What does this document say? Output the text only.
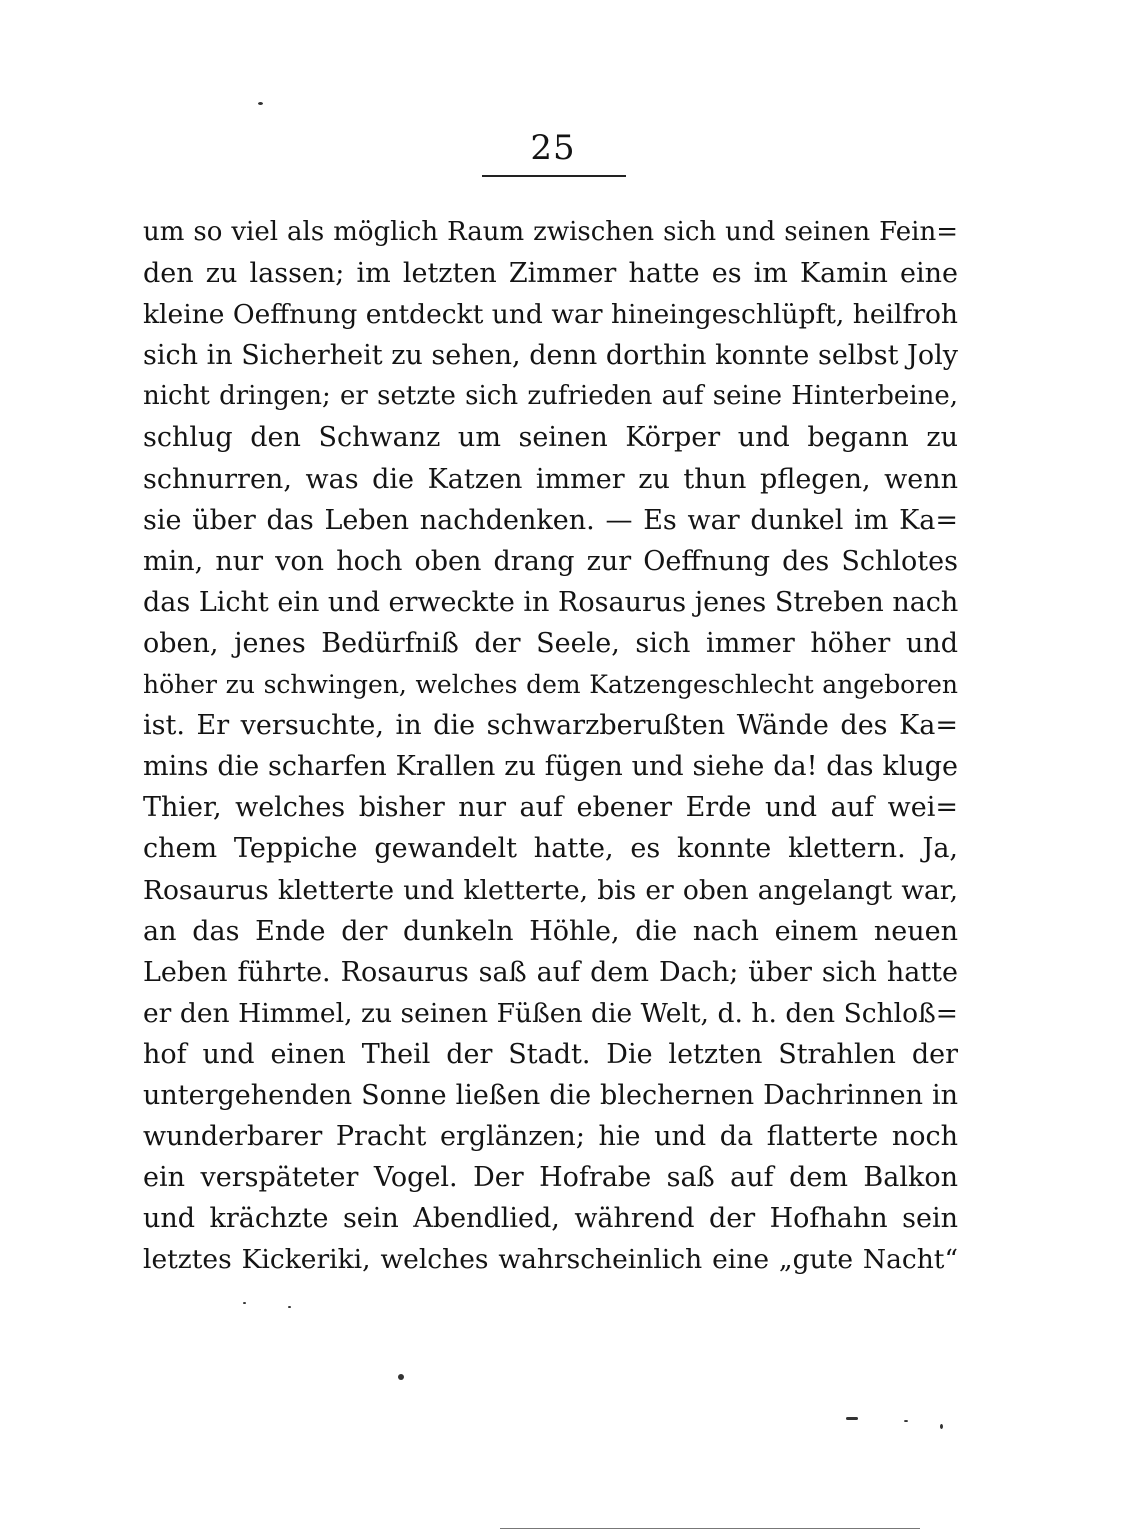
25
um so viel als möglich Raum zwischen sich und seinen Fein=
den zu lassen; im letzten Zimmer hatte es im Kamin eine
kleine Oeffnung entdeckt und war hineingeschlüpft, heilfroh
sich in Sicherheit zu sehen, denn dorthin konnte selbst Joly
nicht dringen; er setzte sich zufrieden auf seine Hinterbeine,
schlug den Schwanz um seinen Körper und begann zu
schnurren, was die Katzen immer zu thun pflegen, wenn
sie über das Leben nachdenken. — Es war dunkel im Ka=
min, nur von hoch oben drang zur Oeffnung des Schlotes
das Licht ein und erweckte in Rosaurus jenes Streben nach
oben, jenes Bedürfniß der Seele, sich immer höher und
höher zu schwingen, welches dem Katzengeschlecht angeboren
ist. Er versuchte, in die schwarzberußten Wände des Ka=
mins die scharfen Krallen zu fügen und siehe da! das kluge
Thier, welches bisher nur auf ebener Erde und auf wei=
chem Teppiche gewandelt hatte, es konnte klettern. Ja,
Rosaurus kletterte und kletterte, bis er oben angelangt war,
an das Ende der dunkeln Höhle, die nach einem neuen
Leben führte. Rosaurus saß auf dem Dach; über sich hatte
er den Himmel, zu seinen Füßen die Welt, d. h. den Schloß=
hof und einen Theil der Stadt. Die letzten Strahlen der
untergehenden Sonne ließen die blechernen Dachrinnen in
wunderbarer Pracht erglänzen; hie und da flatterte noch
ein verspäteter Vogel. Der Hofrabe saß auf dem Balkon
und krächzte sein Abendlied, während der Hofhahn sein
letztes Kickeriki, welches wahrscheinlich eine „gute Nacht“
